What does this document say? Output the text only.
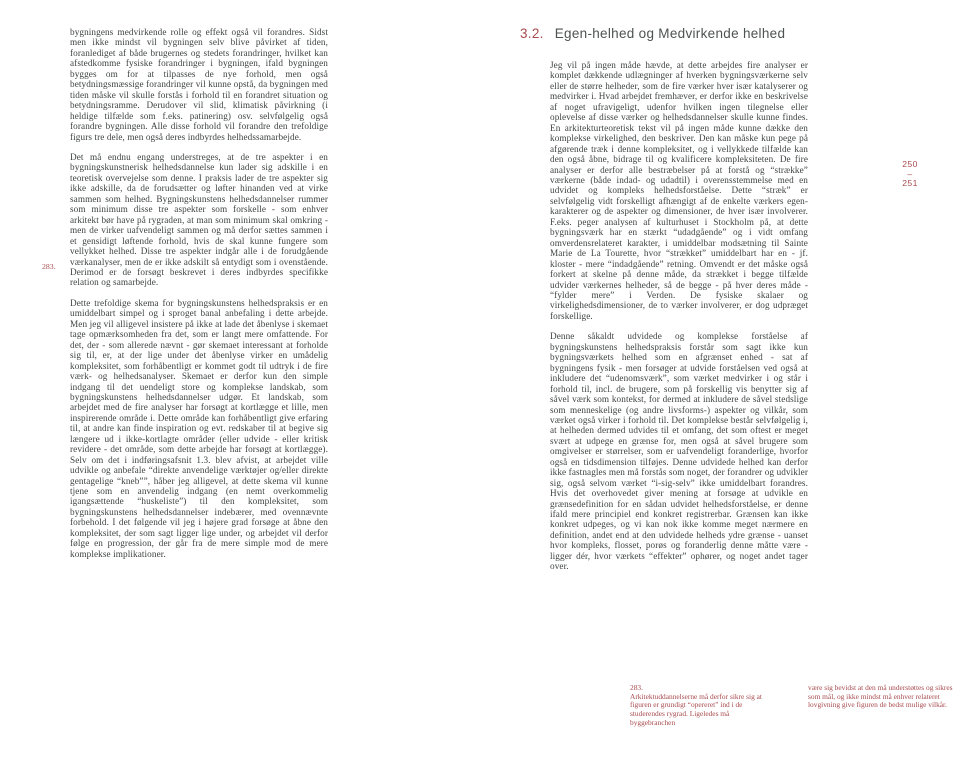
283.

bygningens medvirkende rolle og effekt også vil forandres. Sidst men ikke mindst vil bygningen selv blive påvirket af tiden, foranlediget af både brugernes og stedets forandringer, hvilket kan afstedkomme fysiske forandringer i bygningen, ifald bygningen bygges om for at tilpasses de nye forhold, men også betydningsmæssige forandringer vil kunne opstå, da bygningen med tiden måske vil skulle forstås i forhold til en forandret situation og betydningsramme. Derudover vil slid, klimatisk påvirkning (i heldige tilfælde som f.eks. patinering) osv. selvfølgelig også forandre bygningen. Alle disse forhold vil forandre den trefoldige figurs tre dele, men også deres indbyrdes helhedssamarbejde.

Det må endnu engang understreges, at de tre aspekter i en bygningskunstnerisk helhedsdannelse kun lader sig adskille i en teoretisk overvejelse som denne. I praksis lader de tre aspekter sig ikke adskille, da de forudsætter og løfter hinanden ved at virke sammen som helhed. Bygningskunstens helhedsdannelser rummer som minimum disse tre aspekter som forskelle - som enhver arkitekt bør have på rygraden, at man som minimum skal omkring - men de virker uafvendeligt sammen og må derfor sættes sammen i et gensidigt løftende forhold, hvis de skal kunne fungere som vellykket helhed. Disse tre aspekter indgår alle i de forudgående værkanalyser, men de er ikke adskilt så entydigt som i ovenstående. Derimod er de forsøgt beskrevet i deres indbyrdes specifikke relation og samarbejde.

Dette trefoldige skema for bygningskunstens helhedspraksis er en umiddelbart simpel og i sproget banal anbefaling i dette arbejde. Men jeg vil alligevel insistere på ikke at lade det åbenlyse i skemaet tage opmærksomheden fra det, som er langt mere omfattende. For det, der - som allerede nævnt - gør skemaet interessant at forholde sig til, er, at der lige under det åbenlyse virker en umådelig kompleksitet, som forhåbentligt er kommet godt til udtryk i de fire værk- og helhedsanalyser. Skemaet er derfor kun den simple indgang til det uendeligt store og komplekse landskab, som bygningskunstens helhedsdannelser udgør. Et landskab, som arbejdet med de fire analyser har forsøgt at kortlægge et lille, men inspirerende område i. Dette område kan forhåbentligt give erfaring til, at andre kan finde inspiration og evt. redskaber til at begive sig længere ud i ikke-kortlagte områder (eller udvide - eller kritisk revidere - det område, som dette arbejde har forsøgt at kortlægge). Selv om det i indføringsafsnit 1.3. blev afvist, at arbejdet ville udvikle og anbefale “direkte anvendelige værktøjer og/eller direkte gentagelige “kneb””, håber jeg alligevel, at dette skema vil kunne tjene som en anvendelig indgang (en nemt overkommelig igangsættende “huskeliste”) til den kompleksitet, som bygningskunstens helhedsdannelser indebærer, med ovennævnte forbehold. I det følgende vil jeg i højere grad forsøge at åbne den kompleksitet, der som sagt ligger lige under, og arbejdet vil derfor følge en progression, der går fra de mere simple mod de mere komplekse implikationer.

3.2. Egen-helhed og Medvirkende helhed

Jeg vil på ingen måde hævde, at dette arbejdes fire analyser er komplet dækkende udlægninger af hverken bygningsværkerne selv eller de større helheder, som de fire værker hver især katalyserer og medvirker i. Hvad arbejdet fremhæver, er derfor ikke en beskrivelse af noget ufravigeligt, udenfor hvilken ingen tilegnelse eller oplevelse af disse værker og helhedsdannelser skulle kunne findes. En arkitekturteoretisk tekst vil på ingen måde kunne dække den komplekse virkelighed, den beskriver. Den kan måske kun pege på afgørende træk i denne kompleksitet, og i vellykkede tilfælde kan den også åbne, bidrage til og kvalificere kompleksiteten. De fire analyser er derfor alle bestræbelser på at forstå og “strække” værkerne (både indad- og udadtil) i overensstemmelse med en udvidet og kompleks helhedsforståelse. Dette “stræk” er selvfølgelig vidt forskelligt afhængigt af de enkelte værkers egen-karakterer og de aspekter og dimensioner, de hver især involverer. F.eks. peger analysen af kulturhuset i Stockholm på, at dette bygningsværk har en stærkt “udadgående” og i vidt omfang omverdensrelateret karakter, i umiddelbar modsætning til Sainte Marie de La Tourette, hvor “strækket” umiddelbart har en - jf. kloster - mere “indadgående” retning. Omvendt er det måske også forkert at skelne på denne måde, da strækket i begge tilfælde udvider værkernes helheder, så de begge - på hver deres måde - “fylder mere” i Verden. De fysiske skalaer og virkelighedsdimensioner, de to værker involverer, er dog udpræget forskellige.

Denne såkaldt udvidede og komplekse forståelse af bygningskunstens helhedspraksis forstår som sagt ikke kun bygningsværkets helhed som en afgrænset enhed - sat af bygningens fysik - men forsøger at udvide forståelsen ved også at inkludere det “udenomsværk”, som værket medvirker i og står i forhold til, incl. de brugere, som på forskellig vis benytter sig af såvel værk som kontekst, for dermed at inkludere de såvel stedslige som menneskelige (og andre livsforms-) aspekter og vilkår, som værket også virker i forhold til. Det komplekse består selvfølgelig i, at helheden dermed udvides til et omfang, det som oftest er meget svært at udpege en grænse for, men også at såvel brugere som omgivelser er størrelser, som er uafvendeligt foranderlige, hvorfor også en tidsdimension tilføjes. Denne udvidede helhed kan derfor ikke fastnagles men må forstås som noget, der forandrer og udvikler sig, også selvom værket “i-sig-selv” ikke umiddelbart forandres. Hvis det overhovedet giver mening at forsøge at udvikle en grænsedefinition for en sådan udvidet helhedsforståelse, er denne ifald mere principiel end konkret registrerbar. Grænsen kan ikke konkret udpeges, og vi kan nok ikke komme meget nærmere en definition, andet end at den udvidede helheds ydre grænse - uanset hvor kompleks, flosset, porøs og foranderlig denne måtte være - ligger dér, hvor værkets “effekter” ophører, og noget andet tager over.

250
–
251
283.
Arkitektuddannelserne må derfor sikre sig at figuren er grundigt “opereret” ind i de studerendes rygrad. Ligeledes må byggebranchen
være sig bevidst at den må understøttes og sikres som mål, og ikke mindst må enhver relateret lovgivning give figuren de bedst mulige vilkår.
